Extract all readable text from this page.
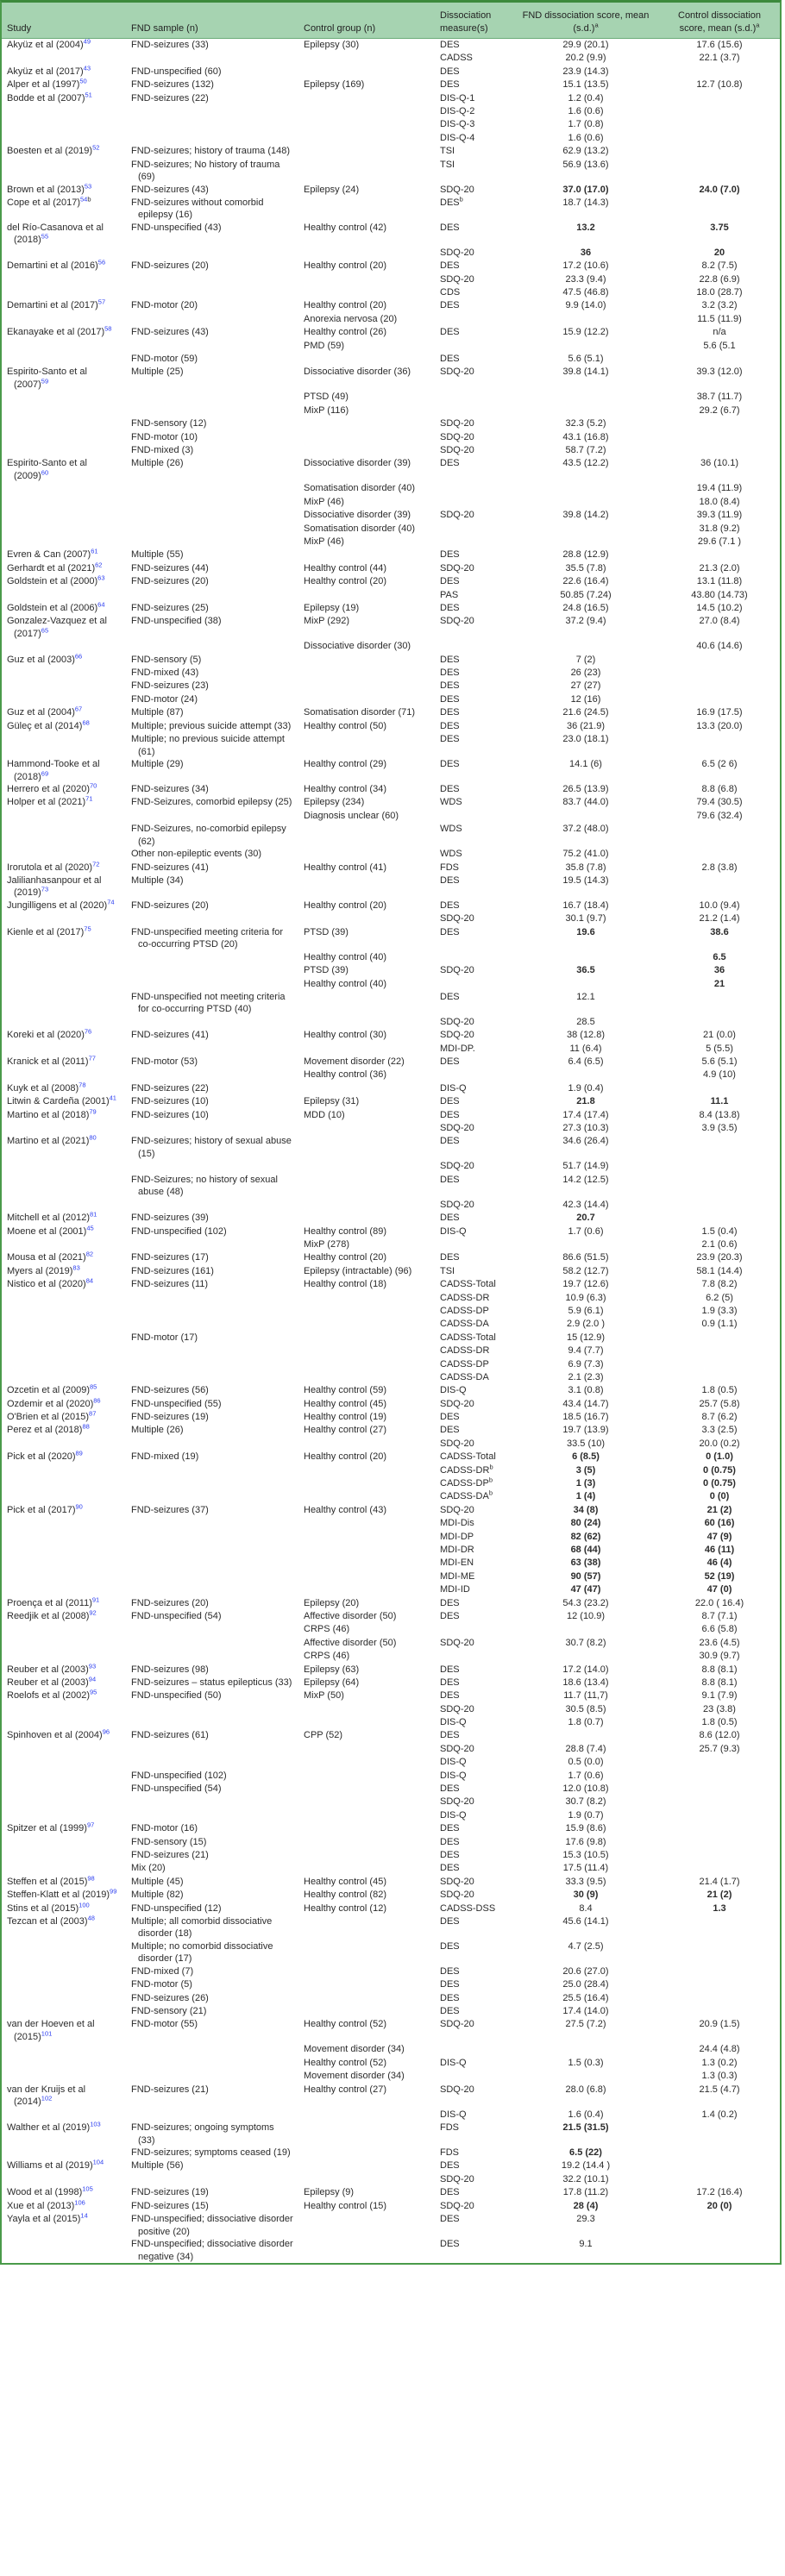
Study	FND sample (n)	Control group (n)	Dissociation measure(s)	FND dissociation score, mean $(s.d.)^a$	Control dissociation score, mean $(s.d.)^a$
Akyüz et al $(2004)^{49}$	FND-seizures (33)	Epilepsy (30)	DES	29.9 (20.1)	17.6 (15.6)
			CADSS	20.2 (9.9)	22.1 (3.7)
Akyüz et al $(2017)^{43}$	FND-unspecified (60)		DES	23.9 (14.3)	
Alper et al $(1997)^{50}$	FND-seizures (132)	Epilepsy (169)	DES	15.1 (13.5)	12.7 (10.8)
Bodde et al $(2007)^{51}$	FND-seizures (22)		DIS-Q-1	1.2 (0.4)	
			DIS-Q-2	1.6 (0.6)	
			DIS-Q-3	1.7 (0.8)	
			DIS-Q-4	1.6 (0.6)	
Boesten et al $(2019)^{52}$	FND-seizures; history of trauma (148)		TSI	62.9 (13.2)	
	FND-seizures; No history of trauma (69)		TSI	56.9 (13.6)	
Brown et al $(2013)^{53}$	FND-seizures (43)	Epilepsy (24)	SDQ-20	37.0 (17.0)	24.0 (7.0)
Cope et al $(2017)^{54b}$	FND-seizures without comorbid epilepsy (16)		DES$^b$	18.7 (14.3)	
del Río-Casanova et al $(2018)^{55}$	FND-unspecified (43)	Healthy control (42)	DES	13.2	3.75
			SDQ-20	36	20
Demartini et al $(2016)^{56}$	FND-seizures (20)	Healthy control (20)	DES	17.2 (10.6)	8.2 (7.5)
			SDQ-20	23.3 (9.4)	22.8 (6.9)
			CDS	47.5 (46.8)	18.0 (28.7)
Demartini et al $(2017)^{57}$	FND-motor (20)	Healthy control (20)	DES	9.9 (14.0)	3.2 (3.2)
		Anorexia nervosa (20)			11.5 (11.9)
Ekanayake et al $(2017)^{58}$	FND-seizures (43)	Healthy control (26)	DES	15.9 (12.2)	n/a
		PMD (59)			5.6 (5.1
	FND-motor (59)		DES	5.6 (5.1)	
Espirito-Santo et al $(2007)^{59}$	Multiple (25)	Dissociative disorder (36)	SDQ-20	39.8 (14.1)	39.3 (12.0)
		PTSD (49)			38.7 (11.7)
		MixP (116)			29.2 (6.7)
	FND-sensory (12)		SDQ-20	32.3 (5.2)	
	FND-motor (10)		SDQ-20	43.1 (16.8)	
	FND-mixed (3)		SDQ-20	58.7 (7.2)	
Espirito-Santo et al $(2009)^{60}$	Multiple (26)	Dissociative disorder (39)	DES	43.5 (12.2)	36 (10.1)
		Somatisation disorder (40)			19.4 (11.9)
		MixP (46)			18.0 (8.4)
		Dissociative disorder (39)	SDQ-20	39.8 (14.2)	39.3 (11.9)
		Somatisation disorder (40)			31.8 (9.2)
		MixP (46)			29.6 (7.1 )
Evren & Can $(2007)^{61}$	Multiple (55)		DES	28.8 (12.9)	
Gerhardt et al $(2021)^{62}$	FND-seizures (44)	Healthy control (44)	SDQ-20	35.5 (7.8)	21.3 (2.0)
Goldstein et al $(2000)^{63}$	FND-seizures (20)	Healthy control (20)	DES	22.6 (16.4)	13.1 (11.8)
			PAS	50.85 (7.24)	43.80 (14.73)
Goldstein et al $(2006)^{64}$	FND-seizures (25)	Epilepsy (19)	DES	24.8 (16.5)	14.5 (10.2)
Gonzalez-Vazquez et al $(2017)^{65}$	FND-unspecified (38)	MixP (292)	SDQ-20	37.2 (9.4)	27.0 (8.4)
		Dissociative disorder (30)			40.6 (14.6)
Guz et al $(2003)^{66}$	FND-sensory (5)		DES	7 (2)	
	FND-mixed (43)		DES	26 (23)	
	FND-seizures (23)		DES	27 (27)	
	FND-motor (24)		DES	12 (16)	
Guz et al $(2004)^{67}$	Multiple (87)	Somatisation disorder (71)	DES	21.6 (24.5)	16.9 (17.5)
Güleç et al $(2014)^{68}$	Multiple; previous suicide attempt (33)	Healthy control (50)	DES	36 (21.9)	13.3 (20.0)
	Multiple; no previous suicide attempt (61)		DES	23.0 (18.1)	
Hammond-Tooke et al $(2018)^{69}$	Multiple (29)	Healthy control (29)	DES	14.1 (6)	6.5 (2 6)
Herrero et al $(2020)^{70}$	FND-seizures (34)	Healthy control (34)	DES	26.5 (13.9)	8.8 (6.8)
Holper et al $(2021)^{71}$	FND-Seizures, comorbid epilepsy (25)	Epilepsy (234)	WDS	83.7 (44.0)	79.4 (30.5)
		Diagnosis unclear (60)			79.6 (32.4)
	FND-Seizures, no-comorbid epilepsy (62)		WDS	37.2 (48.0)	
	Other non-epileptic events (30)		WDS	75.2 (41.0)	
Irorutola et al $(2020)^{72}$	FND-seizures (41)	Healthy control (41)	FDS	35.8 (7.8)	2.8 (3.8)
Jalilianhasanpour et al $(2019)^{73}$	Multiple (34)		DES	19.5 (14.3)	
Jungilligens et al $(2020)^{74}$	FND-seizures (20)	Healthy control (20)	DES	16.7 (18.4)	10.0 (9.4)
			SDQ-20	30.1 (9.7)	21.2 (1.4)
Kienle et al $(2017)^{75}$	FND-unspecified meeting criteria for co-occurring PTSD (20)	PTSD (39)	DES	19.6	38.6
		Healthy control (40)			6.5
		PTSD (39)	SDQ-20	36.5	36
		Healthy control (40)			21
	FND-unspecified not meeting criteria for co-occurring PTSD (40)		DES	12.1	
			SDQ-20	28.5	
Koreki et al $(2020)^{76}$	FND-seizures (41)	Healthy control (30)	SDQ-20	38 (12.8)	21 (0.0)
			MDI-DP.	11 (6.4)	5 (5.5)
Kranick et al $(2011)^{77}$	FND-motor (53)	Movement disorder (22)	DES	6.4 (6.5)	5.6 (5.1)
		Healthy control (36)			4.9 (10)
Kuyk et al $(2008)^{78}$	FND-seizures (22)		DIS-Q	1.9 (0.4)	
Litwin & Cardeña $(2001)^{41}$	FND-seizures (10)	Epilepsy (31)	DES	21.8	11.1
Martino et al $(2018)^{79}$	FND-seizures (10)	MDD (10)	DES	17.4 (17.4)	8.4 (13.8)
			SDQ-20	27.3 (10.3)	3.9 (3.5)
Martino et al $(2021)^{80}$	FND-seizures; history of sexual abuse (15)		DES	34.6 (26.4)	
			SDQ-20	51.7 (14.9)	
	FND-Seizures; no history of sexual abuse (48)		DES	14.2 (12.5)	
			SDQ-20	42.3 (14.4)	
Mitchell et al $(2012)^{81}$	FND-seizures (39)		DES	20.7	
Moene et al $(2001)^{45}$	FND-unspecified (102)	Healthy control (89)	DIS-Q	1.7 (0.6)	1.5 (0.4)
		MixP (278)			2.1 (0.6)
Mousa et al $(2021)^{82}$	FND-seizures (17)	Healthy control (20)	DES	86.6 (51.5)	23.9 (20.3)
Myers al $(2019)^{83}$	FND-seizures (161)	Epilepsy (intractable) (96)	TSI	58.2 (12.7)	58.1 (14.4)
Nistico et al $(2020)^{84}$	FND-seizures (11)	Healthy control (18)	CADSS-Total	19.7 (12.6)	7.8 (8.2)
			CADSS-DR	10.9 (6.3)	6.2 (5)
			CADSS-DP	5.9 (6.1)	1.9 (3.3)
			CADSS-DA	2.9 (2.0 )	0.9 (1.1)
	FND-motor (17)		CADSS-Total	15 (12.9)	
			CADSS-DR	9.4 (7.7)	
			CADSS-DP	6.9 (7.3)	
			CADSS-DA	2.1 (2.3)	
Ozcetin et al $(2009)^{85}$	FND-seizures (56)	Healthy control (59)	DIS-Q	3.1 (0.8)	1.8 (0.5)
Ozdemir et al $(2020)^{86}$	FND-unspecified (55)	Healthy control (45)	SDQ-20	43.4 (14.7)	25.7 (5.8)
O'Brien et al $(2015)^{87}$	FND-seizures (19)	Healthy control (19)	DES	18.5 (16.7)	8.7 (6.2)
Perez et al $(2018)^{88}$	Multiple (26)	Healthy control (27)	DES	19.7 (13.9)	3.3 (2.5)
			SDQ-20	33.5 (10)	20.0 (0.2)
Pick et al $(2020)^{89}$	FND-mixed (19)	Healthy control (20)	CADSS-Total	6 (8.5)	0 (1.0)
			CADSS-$DR^b$	3 (5)	0 (0.75)
			CADSS-$DP^b$	1 (3)	0 (0.75)
			CADSS-$DA^b$	1 (4)	0 (0)
Pick et al $(2017)^{90}$	FND-seizures (37)	Healthy control (43)	SDQ-20	34 (8)	21 (2)
			MDI-Dis	80 (24)	60 (16)
			MDI-DP	82 (62)	47 (9)
			MDI-DR	68 (44)	46 (11)
			MDI-EN	63 (38)	46 (4)
			MDI-ME	90 (57)	52 (19)
			MDI-ID	47 (47)	47 (0)
Proença et al $(2011)^{91}$	FND-seizures (20)	Epilepsy (20)	DES	54.3 (23.2)	22.0 ( 16.4)
Reedjik et al $(2008)^{92}$	FND-unspecified (54)	Affective disorder (50)	DES	12 (10.9)	8.7 (7.1)
		CRPS (46)			6.6 (5.8)
		Affective disorder (50)	SDQ-20	30.7 (8.2)	23.6 (4.5)
		CRPS (46)			30.9 (9.7)
Reuber et al $(2003)^{93}$	FND-seizures (98)	Epilepsy (63)	DES	17.2 (14.0)	8.8 (8.1)
Reuber et al $(2003)^{94}$	FND-seizures – status epilepticus (33)	Epilepsy (64)	DES	18.6 (13.4)	8.8 (8.1)
Roelofs et al $(2002)^{95}$	FND-unspecified (50)	MixP (50)	DES	11.7 (11,7)	9.1 (7.9)
			SDQ-20	30.5 (8.5)	23 (3.8)
			DIS-Q	1.8 (0.7)	1.8 (0.5)
Spinhoven et al $(2004)^{96}$	FND-seizures (61)	CPP (52)	DES		8.6 (12.0)
			SDQ-20	28.8 (7.4)	25.7 (9.3)
			DIS-Q	0.5 (0.0)	
	FND-unspecified (102)		DIS-Q	1.7 (0.6)	
	FND-unspecified (54)		DES	12.0 (10.8)	
			SDQ-20	30.7 (8.2)	
			DIS-Q	1.9 (0.7)	
Spitzer et al $(1999)^{97}$	FND-motor (16)		DES	15.9 (8.6)	
	FND-sensory (15)		DES	17.6 (9.8)	
	FND-seizures (21)		DES	15.3 (10.5)	
	Mix (20)		DES	17.5 (11.4)	
Steffen et al $(2015)^{98}$	Multiple (45)	Healthy control (45)	SDQ-20	33.3 (9.5)	21.4 (1.7)
Steffen-Klatt et al $(2019)^{99}$	Multiple (82)	Healthy control (82)	SDQ-20	30 (9)	21 (2)
Stins et al $(2015)^{100}$	FND-unspecified (12)	Healthy control (12)	CADSS-DSS	8.4	1.3
Tezcan et al $(2003)^{48}$	Multiple; all comorbid dissociative disorder (18)		DES	45.6 (14.1)	
	Multiple; no comorbid dissociative disorder (17)		DES	4.7 (2.5)	
	FND-mixed (7)		DES	20.6 (27.0)	
	FND-motor (5)		DES	25.0 (28.4)	
	FND-seizures (26)		DES	25.5 (16.4)	
	FND-sensory (21)		DES	17.4 (14.0)	
van der Hoeven et al $(2015)^{101}$	FND-motor (55)	Healthy control (52)	SDQ-20	27.5 (7.2)	20.9 (1.5)
		Movement disorder (34)			24.4 (4.8)
		Healthy control (52)	DIS-Q	1.5 (0.3)	1.3 (0.2)
		Movement disorder (34)			1.3 (0.3)
van der Kruijs et al $(2014)^{102}$	FND-seizures (21)	Healthy control (27)	SDQ-20	28.0 (6.8)	21.5 (4.7)
			DIS-Q	1.6 (0.4)	1.4 (0.2)
Walther et al $(2019)^{103}$	FND-seizures; ongoing symptoms (33)		FDS	21.5 (31.5)	
	FND-seizures; symptoms ceased (19)		FDS	6.5 (22)	
Williams et al $(2019)^{104}$	Multiple (56)		DES	19.2 (14.4 )	
			SDQ-20	32.2 (10.1)	
Wood et al $(1998)^{105}$	FND-seizures (19)	Epilepsy (9)	DES	17.8 (11.2)	17.2 (16.4)
Xue et al $(2013)^{106}$	FND-seizures (15)	Healthy control (15)	SDQ-20	28 (4)	20 (0)
Yayla et al $(2015)^{14}$	FND-unspecified; dissociative disorder positive (20)		DES	29.3	
	FND-unspecified; dissociative disorder negative (34)		DES	9.1	
